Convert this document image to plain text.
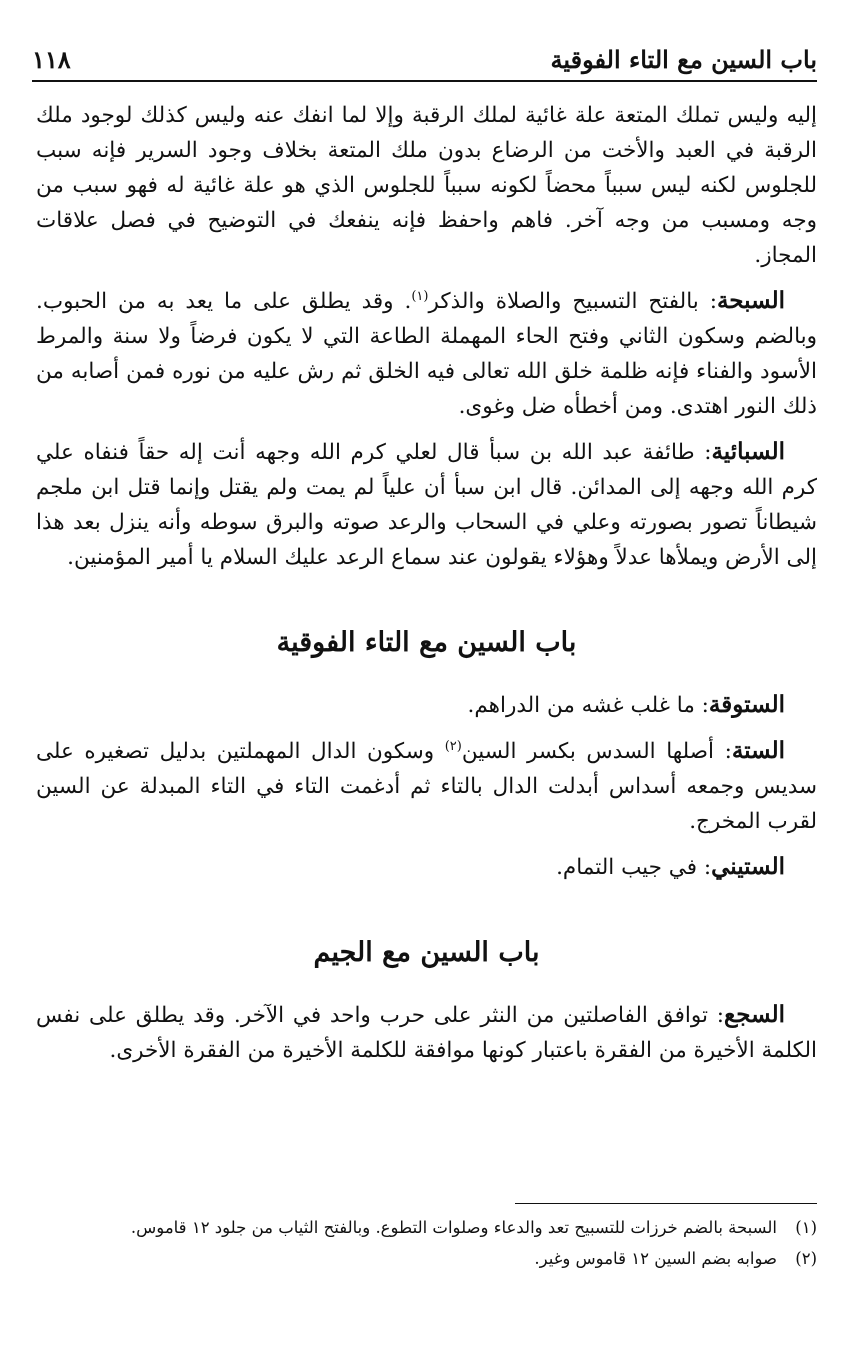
باب السين مع التاء الفوقية
١١٨

إليه وليس تملك المتعة علة غائية لملك الرقبة وإلا لما انفك عنه وليس كذلك لوجود ملك الرقبة في العبد والأخت من الرضاع بدون ملك المتعة بخلاف وجود السرير فإنه سبب للجلوس لكنه ليس سبباً محضاً لكونه سبباً للجلوس الذي هو علة غائية له فهو سبب من وجه ومسبب من وجه آخر. فاهم واحفظ فإنه ينفعك في التوضيح في فصل علاقات المجاز.

السبحة: بالفتح التسبيح والصلاة والذكر$^{(١)}$. وقد يطلق على ما يعد به من الحبوب. وبالضم وسكون الثاني وفتح الحاء المهملة الطاعة التي لا يكون فرضاً ولا سنة والمرط الأسود والفناء فإنه ظلمة خلق الله تعالى فيه الخلق ثم رش عليه من نوره فمن أصابه من ذلك النور اهتدى. ومن أخطأه ضل وغوى.

السبائية: طائفة عبد الله بن سبأ قال لعلي كرم الله وجهه أنت إله حقاً فنفاه علي كرم الله وجهه إلى المدائن. قال ابن سبأ أن علياً لم يمت ولم يقتل وإنما قتل ابن ملجم شيطاناً تصور بصورته وعلي في السحاب والرعد صوته والبرق سوطه وأنه ينزل بعد هذا إلى الأرض ويملأها عدلاً وهؤلاء يقولون عند سماع الرعد عليك السلام يا أمير المؤمنين.

باب السين مع التاء الفوقية

الستوقة: ما غلب غشه من الدراهم.

الستة: أصلها السدس بكسر السين$^{(٢)}$ وسكون الدال المهملتين بدليل تصغيره على سديس وجمعه أسداس أبدلت الدال بالتاء ثم أدغمت التاء في التاء المبدلة عن السين لقرب المخرج.

الستيني: في جيب التمام.

باب السين مع الجيم

السجع: توافق الفاصلتين من النثر على حرب واحد في الآخر. وقد يطلق على نفس الكلمة الأخيرة من الفقرة باعتبار كونها موافقة للكلمة الأخيرة من الفقرة الأخرى.

(١)
السبحة بالضم خرزات للتسبيح تعد والدعاء وصلوات التطوع. وبالفتح الثياب من جلود ١٢ قاموس.
(٢)
صوابه بضم السين ١٢ قاموس وغير.
